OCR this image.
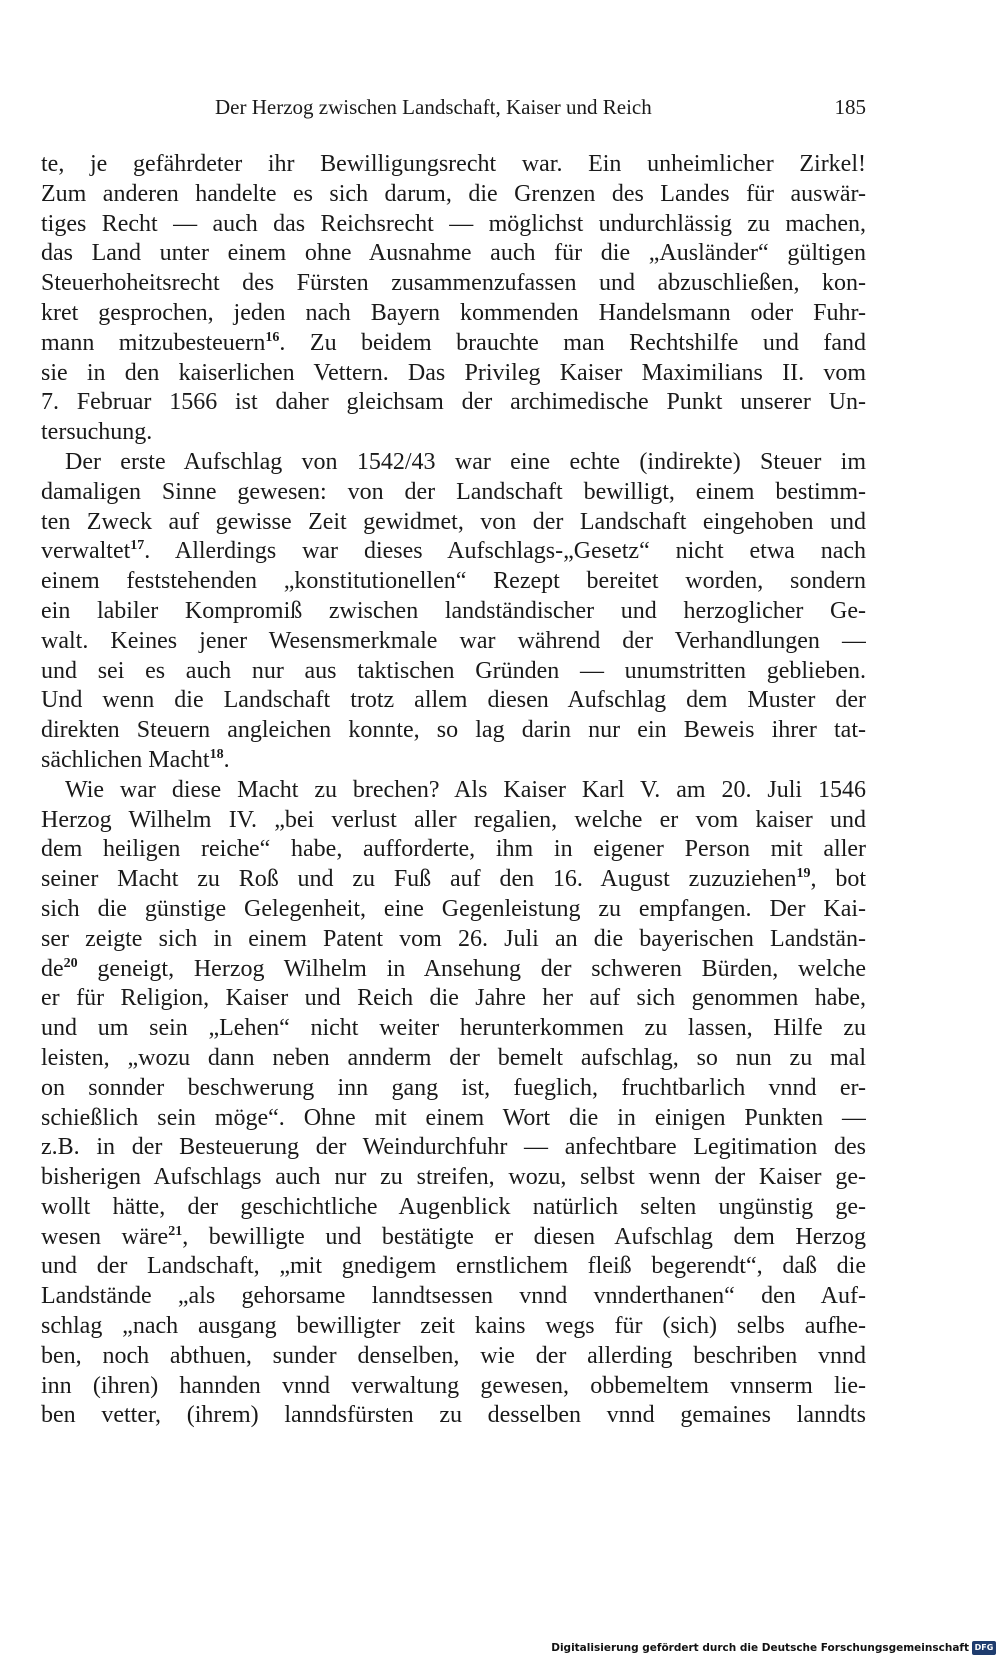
Der Herzog zwischen Landschaft, Kaiser und Reich	185
te, je gefährdeter ihr Bewilligungsrecht war. Ein unheimlicher Zirkel!
Zum anderen handelte es sich darum, die Grenzen des Landes für auswär-
tiges Recht — auch das Reichsrecht — möglichst undurchlässig zu machen,
das Land unter einem ohne Ausnahme auch für die „Ausländer“ gültigen
Steuerhoheitsrecht des Fürsten zusammenzufassen und abzuschließen, kon-
kret gesprochen, jeden nach Bayern kommenden Handelsmann oder Fuhr-
mann mitzubesteuern$^{16}$. Zu beidem brauchte man Rechtshilfe und fand
sie in den kaiserlichen Vettern. Das Privileg Kaiser Maximilians II. vom
7. Februar 1566 ist daher gleichsam der archimedische Punkt unserer Un-
tersuchung.
Der erste Aufschlag von 1542/43 war eine echte (indirekte) Steuer im
damaligen Sinne gewesen: von der Landschaft bewilligt, einem bestimm-
ten Zweck auf gewisse Zeit gewidmet, von der Landschaft eingehoben und
verwaltet$^{17}$. Allerdings war dieses Aufschlags-„Gesetz“ nicht etwa nach
einem feststehenden „konstitutionellen“ Rezept bereitet worden, sondern
ein labiler Kompromiß zwischen landständischer und herzoglicher Ge-
walt. Keines jener Wesensmerkmale war während der Verhandlungen —
und sei es auch nur aus taktischen Gründen — unumstritten geblieben.
Und wenn die Landschaft trotz allem diesen Aufschlag dem Muster der
direkten Steuern angleichen konnte, so lag darin nur ein Beweis ihrer tat-
sächlichen Macht$^{18}$.
Wie war diese Macht zu brechen? Als Kaiser Karl V. am 20. Juli 1546
Herzog Wilhelm IV. „bei verlust aller regalien, welche er vom kaiser und
dem heiligen reiche“ habe, aufforderte, ihm in eigener Person mit aller
seiner Macht zu Roß und zu Fuß auf den 16. August zuzuziehen$^{19}$, bot
sich die günstige Gelegenheit, eine Gegenleistung zu empfangen. Der Kai-
ser zeigte sich in einem Patent vom 26. Juli an die bayerischen Landstän-
$de^{20}$ geneigt, Herzog Wilhelm in Ansehung der schweren Bürden, welche
er für Religion, Kaiser und Reich die Jahre her auf sich genommen habe,
und um sein „Lehen“ nicht weiter herunterkommen zu lassen, Hilfe zu
leisten, „wozu dann neben annderm der bemelt aufschlag, so nun zu mal
on sonnder beschwerung inn gang ist, fueglich, fruchtbarlich vnnd er-
schießlich sein möge“. Ohne mit einem Wort die in einigen Punkten —
z.B. in der Besteuerung der Weindurchfuhr — anfechtbare Legitimation des
bisherigen Aufschlags auch nur zu streifen, wozu, selbst wenn der Kaiser ge-
wollt hätte, der geschichtliche Augenblick natürlich selten ungünstig ge-
wesen wäre$^{21}$, bewilligte und bestätigte er diesen Aufschlag dem Herzog
und der Landschaft, „mit gnedigem ernstlichem fleiß begerendt“, daß die
Landstände „als gehorsame lanndtsessen vnnd vnnderthanen“ den Auf-
schlag „nach ausgang bewilligter zeit kains wegs für (sich) selbs aufhe-
ben, noch abthuen, sunder denselben, wie der allerding beschriben vnnd
inn (ihren) hannden vnnd verwaltung gewesen, obbemeltem vnnserm lie-
ben vetter, (ihrem) lanndsfürsten zu desselben vnnd gemaines lanndts
Digitalisierung gefördert durch die Deutsche Forschungsgemeinschaft DFG
